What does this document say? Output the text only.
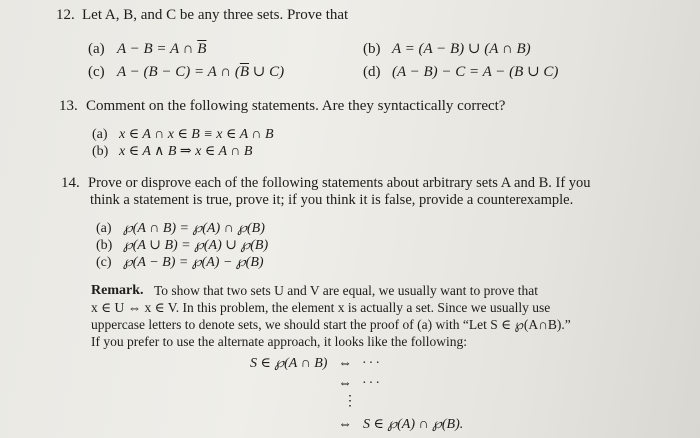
12. Let A, B, and C be any three sets. Prove that
(a) A − B = A ∩ $\overline{B}$	(b) A = (A − B) ∪ (A ∩ B)
(c) A − (B − C) = A ∩ ($\overline{B}$ ∪ C)	(d) (A − B) − C = A − (B ∪ C)
13. Comment on the following statements. Are they syntactically correct?
(a) x ∈ A ∩ x ∈ B ≡ x ∈ A ∩ B
(b) x ∈ A ∧ B ⇒ x ∈ A ∩ B
14. Prove or disprove each of the following statements about arbitrary sets A and B. If you
think a statement is true, prove it; if you think it is false, provide a counterexample.
(a) ℘(A ∩ B) = ℘(A) ∩ ℘(B)
(b) ℘(A ∪ B) = ℘(A) ∪ ℘(B)
(c) ℘(A − B) = ℘(A) − ℘(B)
Remark. To show that two sets U and V are equal, we usually want to prove that
x ∈ U ⇔ x ∈ V. In this problem, the element x is actually a set. Since we usually use
uppercase letters to denote sets, we should start the proof of (a) with “Let S ∈ ℘(A∩B).”
If you prefer to use the alternate approach, it looks like the following:
S ∈ ℘(A ∩ B) ⇔ ···
⇔ ···
⋮
⇔ S ∈ ℘(A) ∩ ℘(B).
